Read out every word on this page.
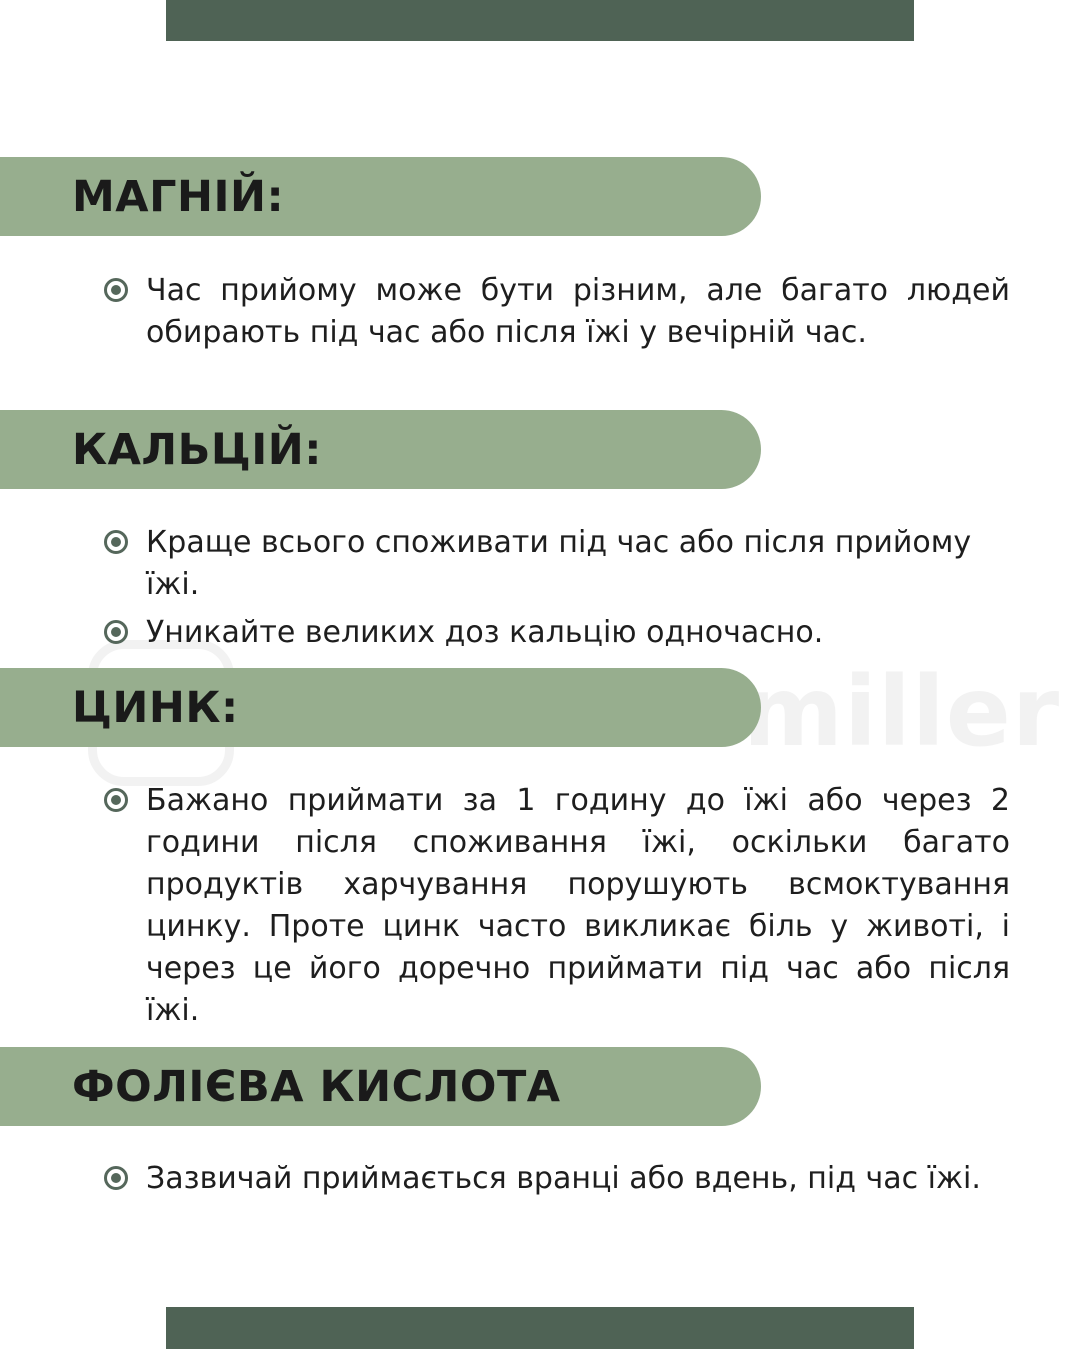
МАГНІЙ:
Час прийому може бути різним, але багато людей обирають під час або після їжі у вечірній час.
КАЛЬЦІЙ:
Краще всього споживати під час або після прийому їжі.
Уникайте великих доз кальцію одночасно.
ЦИНК:
Бажано приймати за 1 годину до їжі або через 2 години після споживання їжі, оскільки багато продуктів харчування порушують всмоктування цинку. Проте цинк часто викликає біль у животі, і через це його доречно приймати під час або після їжі.
ФОЛІЄВА КИСЛОТА
Зазвичай приймається вранці або вдень, під час їжі.
